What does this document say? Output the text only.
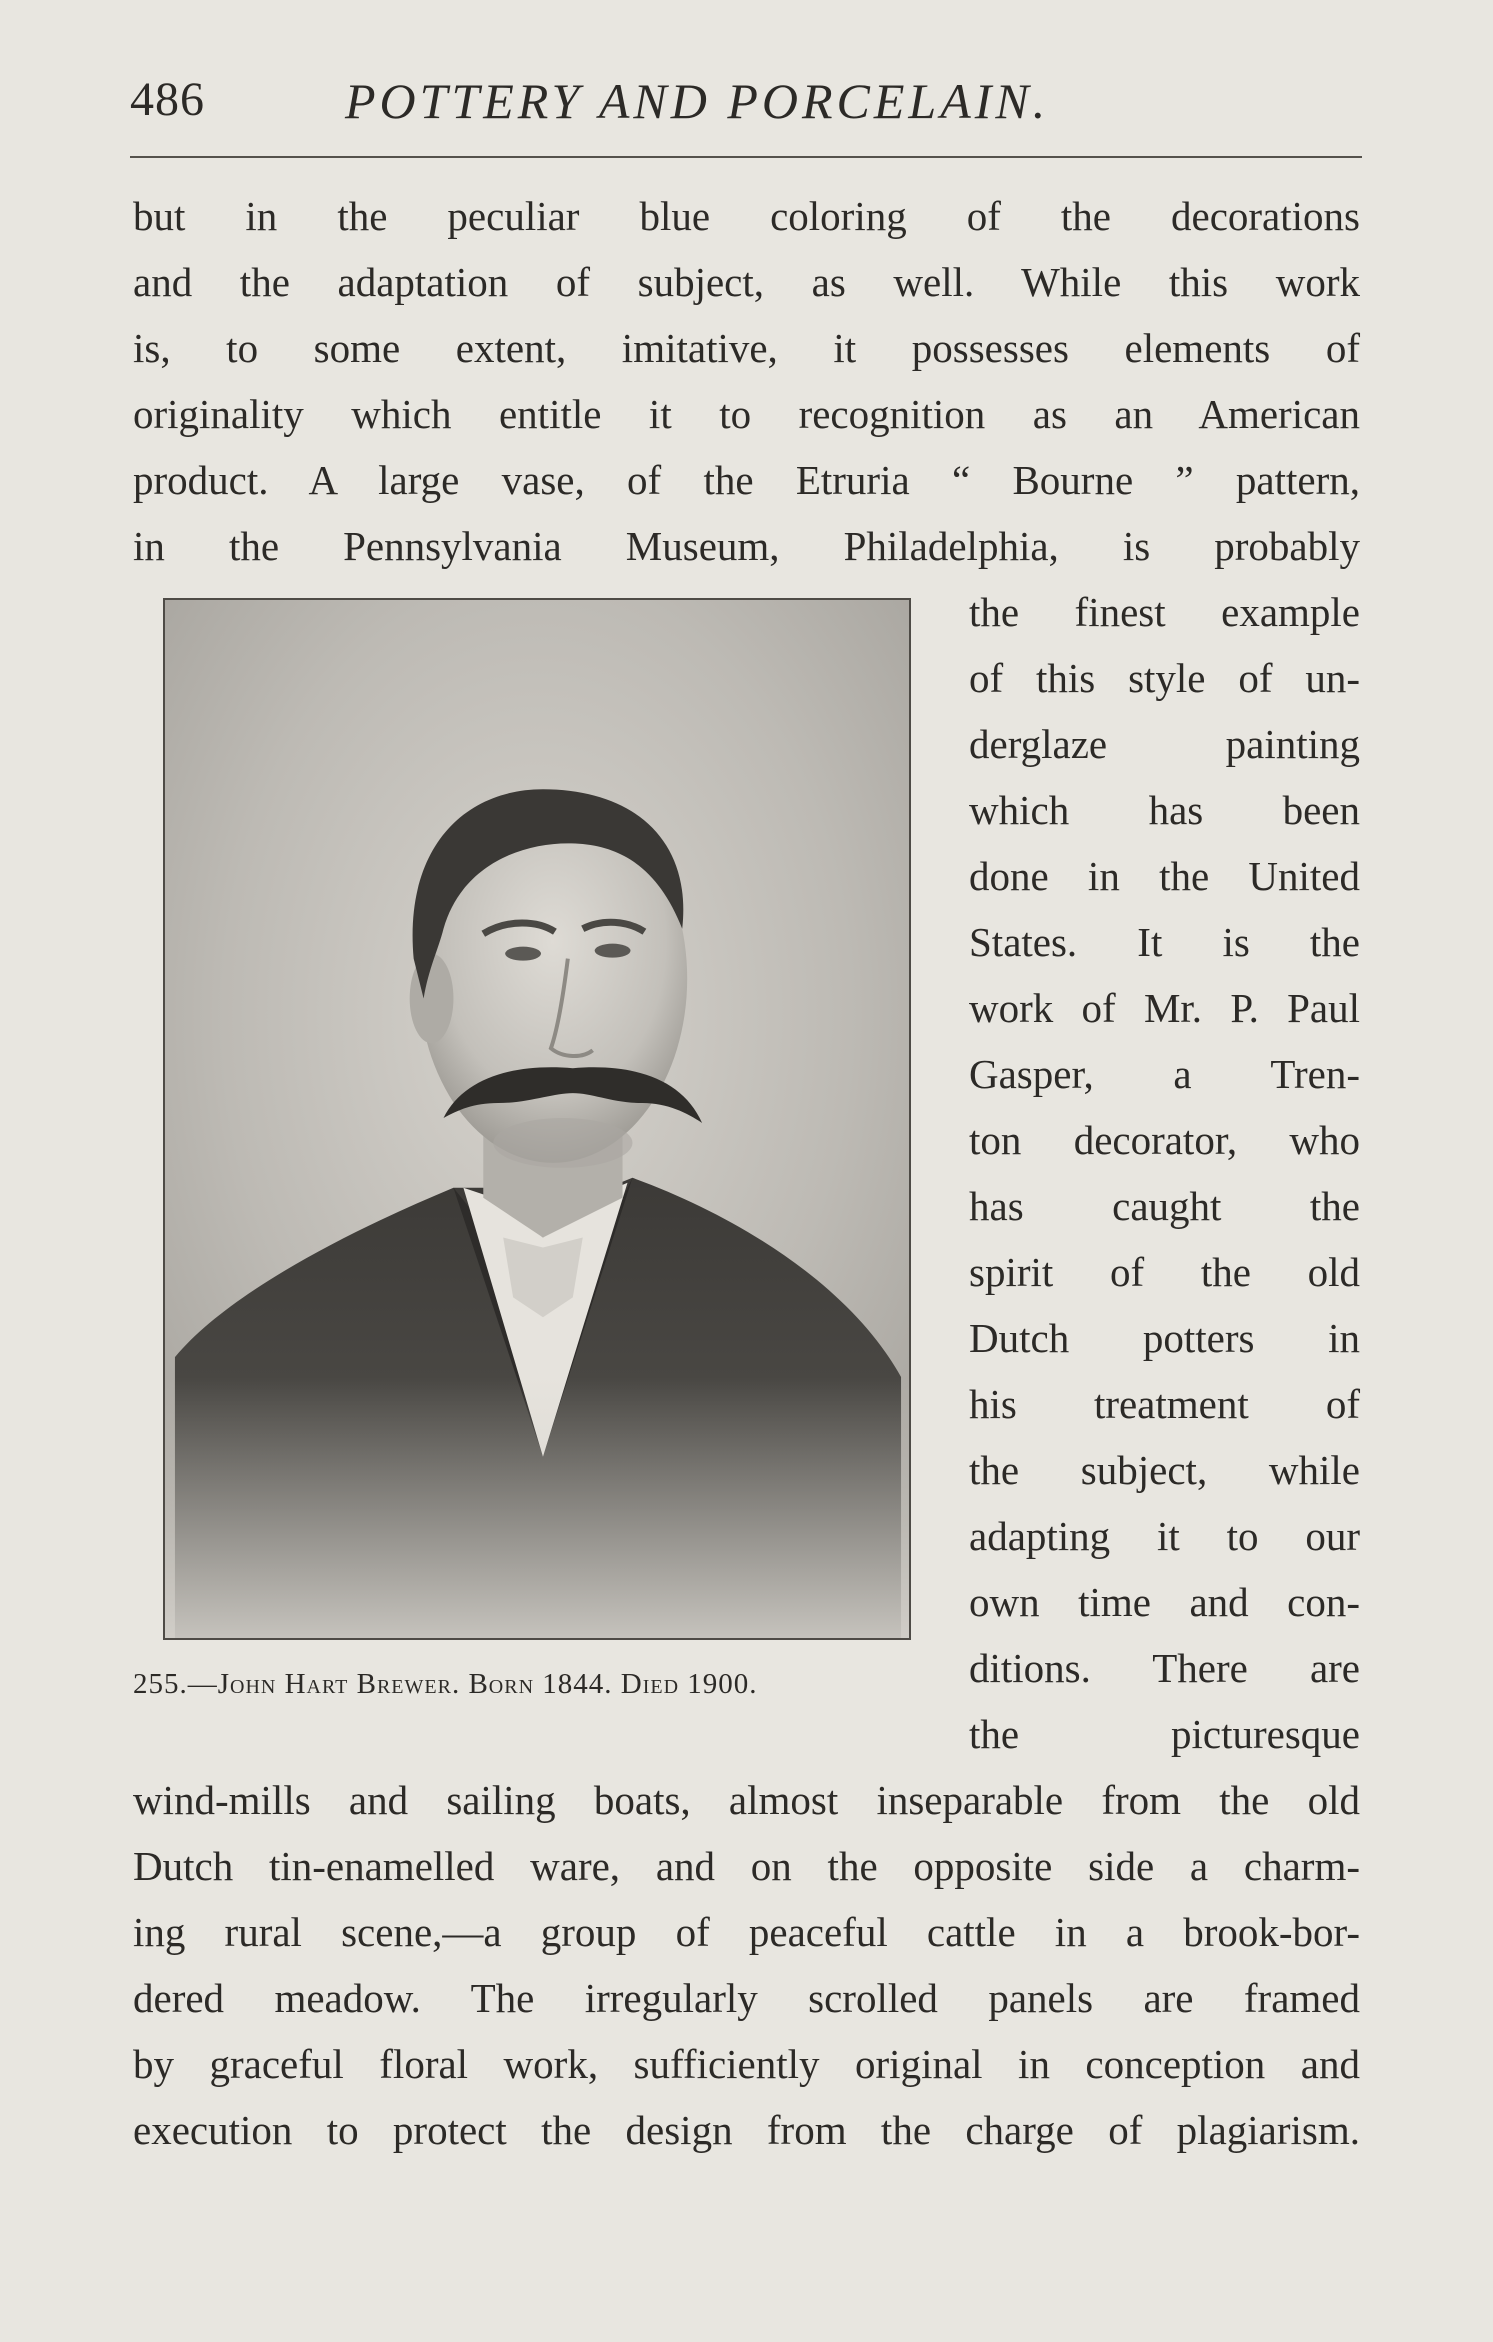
486	POTTERY AND PORCELAIN.
but in the peculiar blue coloring of the decorations
and the adaptation of subject, as well. While this work
is, to some extent, imitative, it possesses elements of
originality which entitle it to recognition as an American
product. A large vase, of the Etruria “ Bourne ” pattern,
in the Pennsylvania Museum, Philadelphia, is probably
255.—John Hart Brewer. Born 1844. Died 1900.
the finest example
of this style of un-
derglaze painting
which has been
done in the United
States. It is the
work of Mr. P. Paul
Gasper, a Tren-
ton decorator, who
has caught the
spirit of the old
Dutch potters in
his treatment of
the subject, while
adapting it to our
own time and con-
ditions. There are
the picturesque
wind-mills and sailing boats, almost inseparable from the old
Dutch tin-enamelled ware, and on the opposite side a charm-
ing rural scene,—a group of peaceful cattle in a brook-bor-
dered meadow. The irregularly scrolled panels are framed
by graceful floral work, sufficiently original in conception and
execution to protect the design from the charge of plagiarism.
